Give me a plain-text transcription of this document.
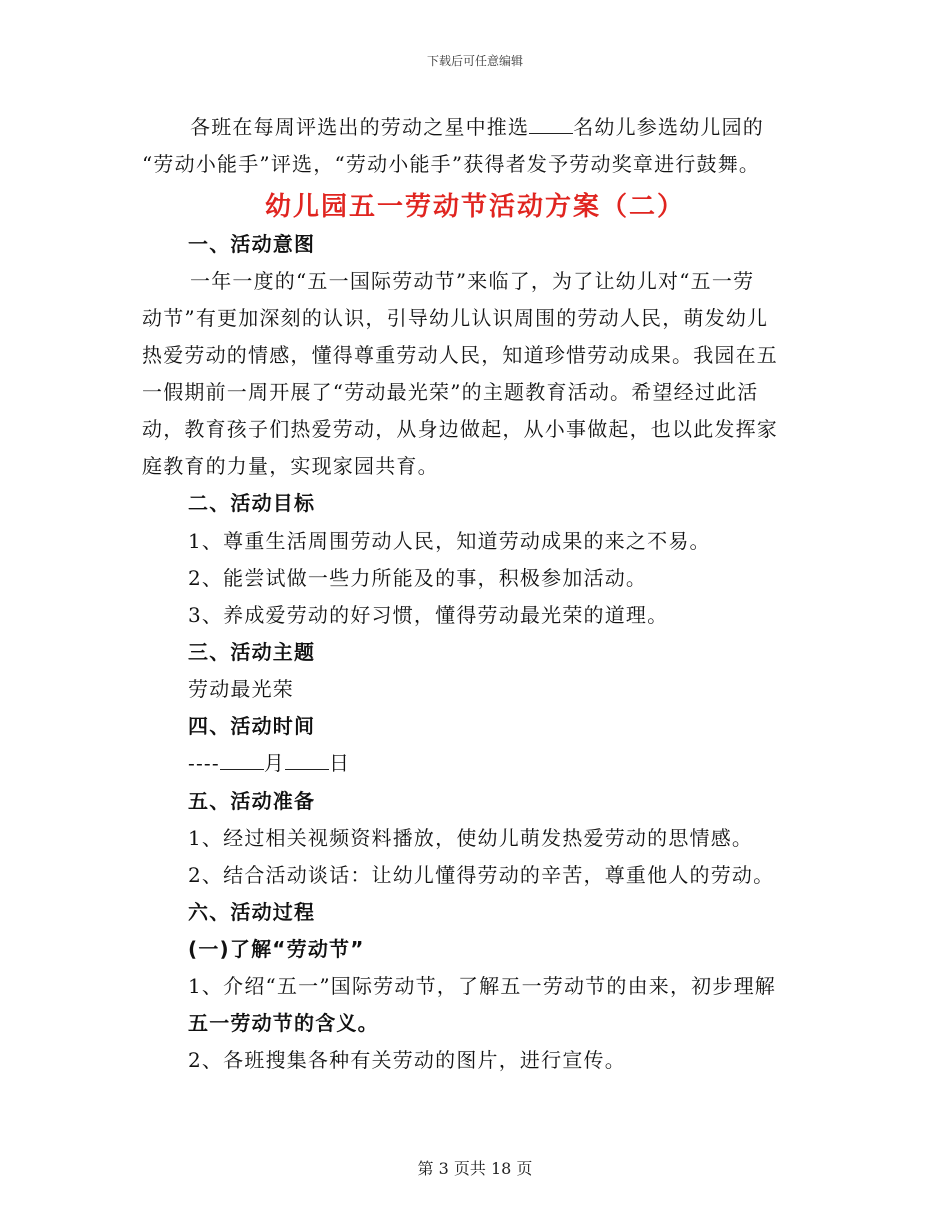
下载后可任意编辑
各班在每周评选出的劳动之星中推选 名幼儿参选幼儿园的
“劳动小能手”评选，“劳动小能手”获得者发予劳动奖章进行鼓舞。
幼儿园五一劳动节活动方案（二）
一、活动意图
一年一度的“五一国际劳动节”来临了，为了让幼儿对“五一劳
动节”有更加深刻的认识，引导幼儿认识周围的劳动人民，萌发幼儿
热爱劳动的情感，懂得尊重劳动人民，知道珍惜劳动成果。我园在五
一假期前一周开展了“劳动最光荣”的主题教育活动。希望经过此活
动，教育孩子们热爱劳动，从身边做起，从小事做起，也以此发挥家
庭教育的力量，实现家园共育。
二、活动目标
1、尊重生活周围劳动人民，知道劳动成果的来之不易。
2、能尝试做一些力所能及的事，积极参加活动。
3、养成爱劳动的好习惯，懂得劳动最光荣的道理。
三、活动主题
劳动最光荣
四、活动时间
---- 月 日
五、活动准备
1、经过相关视频资料播放，使幼儿萌发热爱劳动的思情感。
2、结合活动谈话：让幼儿懂得劳动的辛苦，尊重他人的劳动。
六、活动过程
(一)了解“劳动节”
1、介绍“五一”国际劳动节，了解五一劳动节的由来，初步理解
五一劳动节的含义。
2、各班搜集各种有关劳动的图片，进行宣传。
第 3 页共 18 页
